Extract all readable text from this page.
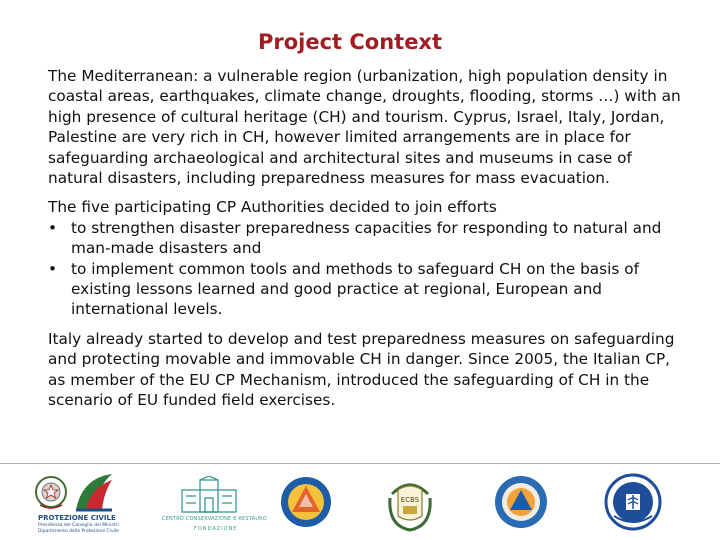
Project Context

The Mediterranean: a vulnerable region (urbanization, high population density in coastal areas, earthquakes, climate change, droughts, flooding, storms …) with an high presence of cultural heritage (CH) and tourism. Cyprus, Israel, Italy, Jordan, Palestine are very rich in CH, however limited arrangements are in place for safeguarding archaeological and architectural sites and museums in case of natural disasters, including preparedness measures for mass evacuation.

The five participating CP Authorities decided to join efforts
• to strengthen disaster preparedness capacities for responding to natural and man-made disasters and
• to implement common tools and methods to safeguard CH on the basis of existing lessons learned and good practice at regional, European and international levels.

Italy already started to develop and test preparedness measures on safeguarding and protecting movable and immovable CH in danger. Since 2005, the Italian CP, as member of the EU CP Mechanism, introduced the safeguarding of CH in the scenario of EU funded field exercises.

PROTEZIONE CIVILE
Presidenza del Consiglio dei Ministri
Dipartimento della Protezione Civile
CENTRO CONSERVAZIONE E RESTAURO
FONDAZIONE
ECBS
